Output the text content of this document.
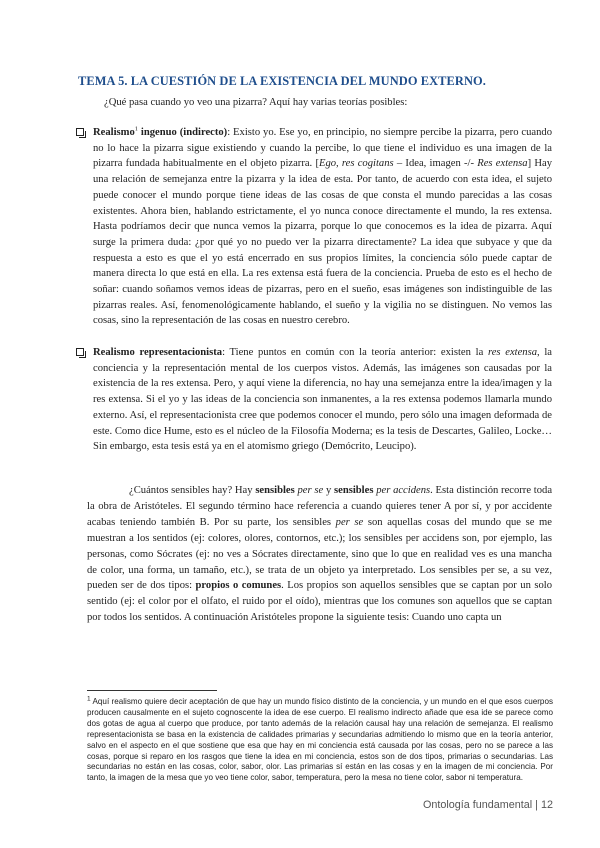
TEMA 5. LA CUESTIÓN DE LA EXISTENCIA DEL MUNDO EXTERNO.

¿Qué pasa cuando yo veo una pizarra? Aquí hay varias teorías posibles:

Realismo$^1$ ingenuo (indirecto): Existo yo. Ese yo, en principio, no siempre percibe la pizarra, pero cuando no lo hace la pizarra sigue existiendo y cuando la percibe, lo que tiene el individuo es una imagen de la pizarra fundada habitualmente en el objeto pizarra. [Ego, res cogitans – Idea, imagen -/- Res extensa] Hay una relación de semejanza entre la pizarra y la idea de esta. Por tanto, de acuerdo con esta idea, el sujeto puede conocer el mundo porque tiene ideas de las cosas de que consta el mundo parecidas a las cosas existentes. Ahora bien, hablando estrictamente, el yo nunca conoce directamente el mundo, la res extensa. Hasta podríamos decir que nunca vemos la pizarra, porque lo que conocemos es la idea de pizarra. Aquí surge la primera duda: ¿por qué yo no puedo ver la pizarra directamente? La idea que subyace y que da respuesta a esto es que el yo está encerrado en sus propios límites, la conciencia sólo puede captar de manera directa lo que está en ella. La res extensa está fuera de la conciencia. Prueba de esto es el hecho de soñar: cuando soñamos vemos ideas de pizarras, pero en el sueño, esas imágenes son indistinguible de las pizarras reales. Así, fenomenológicamente hablando, el sueño y la vigilia no se distinguen. No vemos las cosas, sino la representación de las cosas en nuestro cerebro.
Realismo representacionista: Tiene puntos en común con la teoría anterior: existen la res extensa, la conciencia y la representación mental de los cuerpos vistos. Además, las imágenes son causadas por la existencia de la res extensa. Pero, y aquí viene la diferencia, no hay una semejanza entre la idea/imagen y la res extensa. Si el yo y las ideas de la conciencia son inmanentes, a la res extensa podemos llamarla mundo externo. Así, el representacionista cree que podemos conocer el mundo, pero sólo una imagen deformada de este. Como dice Hume, esto es el núcleo de la Filosofía Moderna; es la tesis de Descartes, Galileo, Locke… Sin embargo, esta tesis está ya en el atomismo griego (Demócrito, Leucipo).

¿Cuántos sensibles hay? Hay sensibles per se y sensibles per accidens. Esta distinción recorre toda la obra de Aristóteles. El segundo término hace referencia a cuando quieres tener A por sí, y por accidente acabas teniendo también B. Por su parte, los sensibles per se son aquellas cosas del mundo que se me muestran a los sentidos (ej: colores, olores, contornos, etc.); los sensibles per accidens son, por ejemplo, las personas, como Sócrates (ej: no ves a Sócrates directamente, sino que lo que en realidad ves es una mancha de color, una forma, un tamaño, etc.), se trata de un objeto ya interpretado. Los sensibles per se, a su vez, pueden ser de dos tipos: propios o comunes. Los propios son aquellos sensibles que se captan por un solo sentido (ej: el color por el olfato, el ruido por el oído), mientras que los comunes son aquellos que se captan por todos los sentidos. A continuación Aristóteles propone la siguiente tesis: Cuando uno capta un

$^1$ Aquí realismo quiere decir aceptación de que hay un mundo físico distinto de la conciencia, y un mundo en el que esos cuerpos producen causalmente en el sujeto cognoscente la idea de ese cuerpo. El realismo indirecto añade que esa ide se parece como dos gotas de agua al cuerpo que produce, por tanto además de la relación causal hay una relación de semejanza. El realismo representacionista se basa en la existencia de calidades primarias y secundarias admitiendo lo mismo que en la teoría anterior, salvo en el aspecto en el que sostiene que esa que hay en mi conciencia está causada por las cosas, pero no se parece a las cosas, porque si reparo en los rasgos que tiene la idea en mi conciencia, estos son de dos tipos, primarias o secundarias. Las secundarias no están en las cosas, color, sabor, olor. Las primarias sí están en las cosas y en la imagen de mi conciencia. Por tanto, la imagen de la mesa que yo veo tiene color, sabor, temperatura, pero la mesa no tiene color, sabor ni temperatura.

Ontología fundamental | 12
